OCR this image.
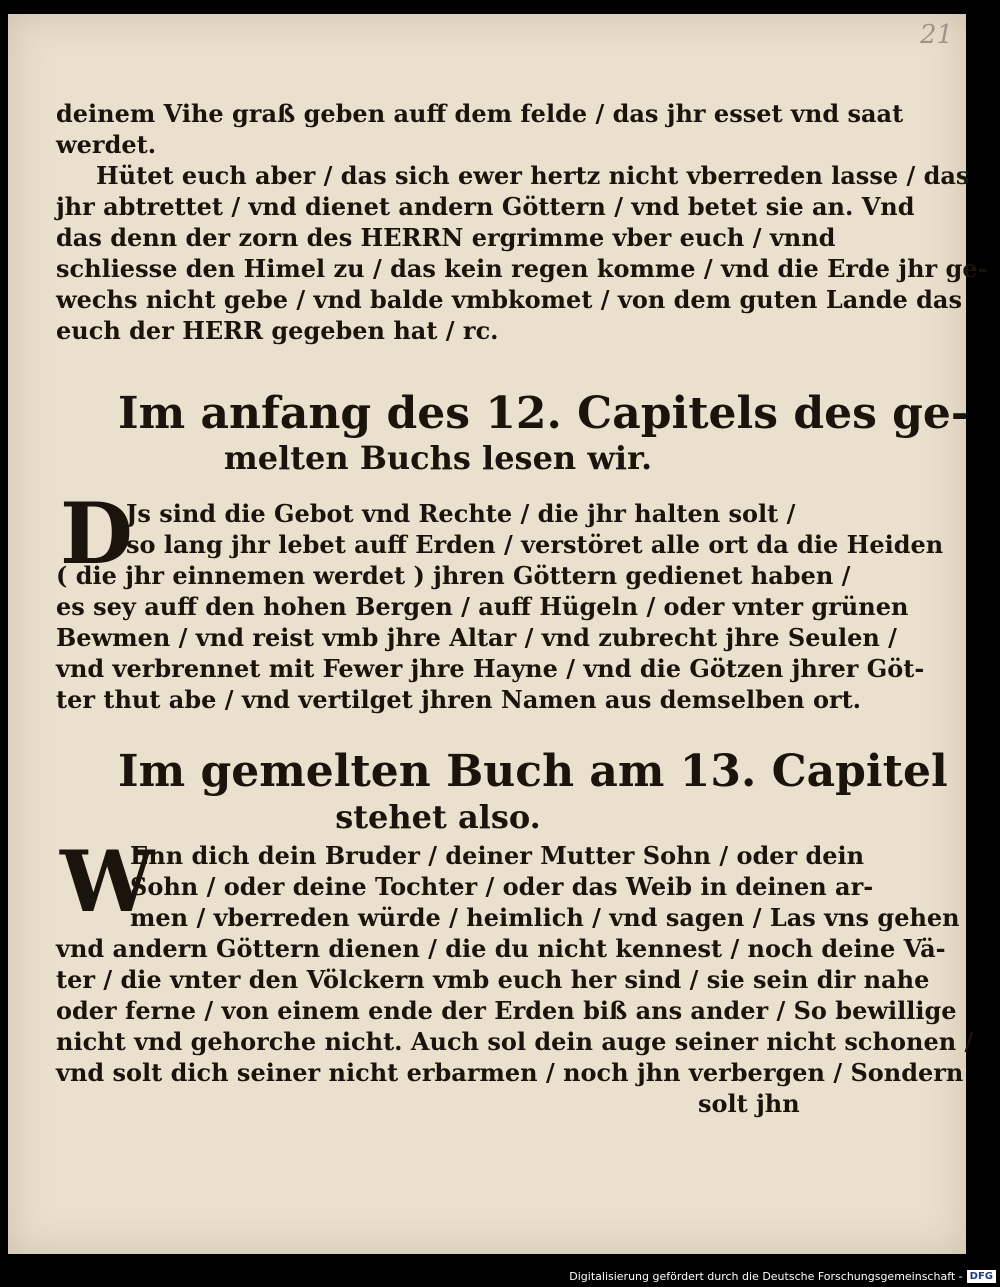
21
deinem Vihe graß geben auff dem felde / das jhr esset vnd saat
werdet.
Hütet euch aber / das sich ewer hertz nicht vberreden lasse / das
jhr abtrettet / vnd dienet andern Göttern / vnd betet sie an. Vnd
das denn der zorn des HERRN ergrimme vber euch / vnnd
schliesse den Himel zu / das kein regen komme / vnd die Erde jhr ge-
wechs nicht gebe / vnd balde vmbkomet / von dem guten Lande das
euch der HERR gegeben hat / rc.
Im anfang des 12. Capitels des ge-
melten Buchs lesen wir.
D
Js sind die Gebot vnd Rechte / die jhr halten solt /
so lang jhr lebet auff Erden / verstöret alle ort da die Heiden
( die jhr einnemen werdet ) jhren Göttern gedienet haben /
es sey auff den hohen Bergen / auff Hügeln / oder vnter grünen
Bewmen / vnd reist vmb jhre Altar / vnd zubrecht jhre Seulen /
vnd verbrennet mit Fewer jhre Hayne / vnd die Götzen jhrer Göt-
ter thut abe / vnd vertilget jhren Namen aus demselben ort.
Im gemelten Buch am 13. Capitel
stehet also.
W
Enn dich dein Bruder / deiner Mutter Sohn / oder dein
Sohn / oder deine Tochter / oder das Weib in deinen ar-
men / vberreden würde / heimlich / vnd sagen / Las vns gehen
vnd andern Göttern dienen / die du nicht kennest / noch deine Vä-
ter / die vnter den Völckern vmb euch her sind / sie sein dir nahe
oder ferne / von einem ende der Erden biß ans ander / So bewillige
nicht vnd gehorche nicht. Auch sol dein auge seiner nicht schonen /
vnd solt dich seiner nicht erbarmen / noch jhn verbergen / Sondern
solt jhn
Digitalisierung gefördert durch die Deutsche Forschungsgemeinschaft - DFG
